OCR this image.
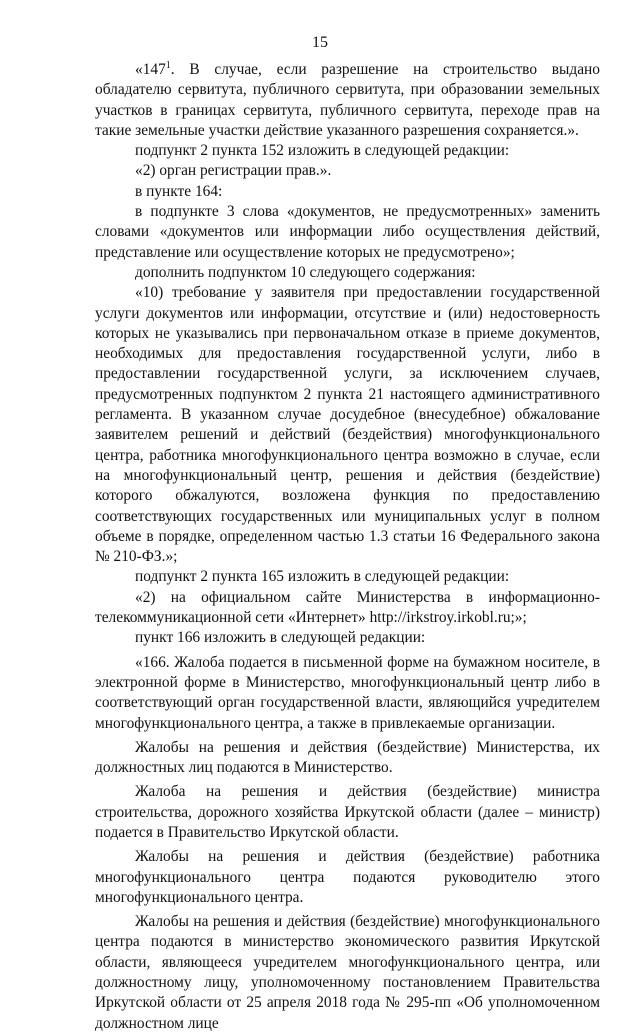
15

«$147^1$. В случае, если разрешение на строительство выдано обладателю сервитута, публичного сервитута, при образовании земельных участков в границах сервитута, публичного сервитута, переходе прав на такие земельные участки действие указанного разрешения сохраняется.».

подпункт 2 пункта 152 изложить в следующей редакции:

«2) орган регистрации прав.».

в пункте 164:

в подпункте 3 слова «документов, не предусмотренных» заменить словами «документов или информации либо осуществления действий, представление или осуществление которых не предусмотрено»;

дополнить подпунктом 10 следующего содержания:

«10) требование у заявителя при предоставлении государственной услуги документов или информации, отсутствие и (или) недостоверность которых не указывались при первоначальном отказе в приеме документов, необходимых для предоставления государственной услуги, либо в предоставлении государственной услуги, за исключением случаев, предусмотренных подпунктом 2 пункта 21 настоящего административного регламента. В указанном случае досудебное (внесудебное) обжалование заявителем решений и действий (бездействия) многофункционального центра, работника многофункционального центра возможно в случае, если на многофункциональный центр, решения и действия (бездействие) которого обжалуются, возложена функция по предоставлению соответствующих государственных или муниципальных услуг в полном объеме в порядке, определенном частью 1.3 статьи 16 Федерального закона № 210-ФЗ.»;

подпункт 2 пункта 165 изложить в следующей редакции:

«2) на официальном сайте Министерства в информационно-телекоммуникационной сети «Интернет» http://irkstroy.irkobl.ru;»;

пункт 166 изложить в следующей редакции:

«166. Жалоба подается в письменной форме на бумажном носителе, в электронной форме в Министерство, многофункциональный центр либо в соответствующий орган государственной власти, являющийся учредителем многофункционального центра, а также в привлекаемые организации.

Жалобы на решения и действия (бездействие) Министерства, их должностных лиц подаются в Министерство.

Жалоба на решения и действия (бездействие) министра строительства, дорожного хозяйства Иркутской области (далее – министр) подается в Правительство Иркутской области.

Жалобы на решения и действия (бездействие) работника многофункционального центра подаются руководителю этого многофункционального центра.

Жалобы на решения и действия (бездействие) многофункционального центра подаются в министерство экономического развития Иркутской области, являющееся учредителем многофункционального центра, или должностному лицу, уполномоченному постановлением Правительства Иркутской области от 25 апреля 2018 года № 295-пп «Об уполномоченном должностном лице
